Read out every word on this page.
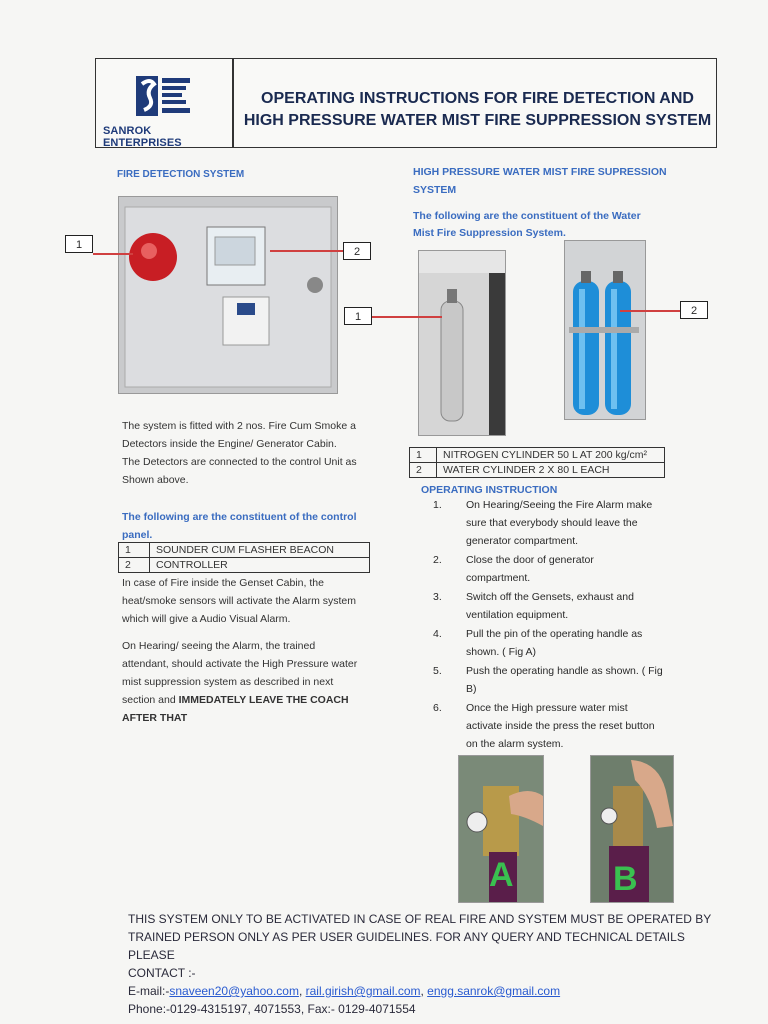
SANROK ENTERPRISES
OPERATING INSTRUCTIONS FOR FIRE DETECTION AND
HIGH PRESSURE WATER MIST FIRE SUPPRESSION SYSTEM
FIRE DETECTION SYSTEM
1
2
The system is fitted with 2 nos. Fire Cum Smoke a
Detectors inside the Engine/ Generator Cabin.
The Detectors are connected to the control Unit as
Shown above.
The following are the constituent of the control
panel.
1	SOUNDER CUM FLASHER BEACON
2	CONTROLLER
In case of Fire inside the Genset Cabin, the
heat/smoke sensors will activate the Alarm system
which will give a Audio Visual Alarm.
On Hearing/ seeing the Alarm, the trained
attendant, should activate the High Pressure water
mist suppression system as described in next
section and IMMEDATELY LEAVE THE COACH
AFTER THAT
HIGH PRESSURE WATER MIST FIRE SUPRESSION
SYSTEM
The following are the constituent of the Water
Mist Fire Suppression System.
1	2
1	NITROGEN CYLINDER 50 L AT 200 kg/cm²
2	WATER CYLINDER 2 X 80 L EACH
OPERATING INSTRUCTION
1. On Hearing/Seeing the Fire Alarm make
sure that everybody should leave the
generator compartment.
2. Close the door of generator
compartment.
3. Switch off the Gensets, exhaust and
ventilation equipment.
4. Pull the pin of the operating handle as
shown. ( Fig A)
5. Push the operating handle as shown. ( Fig
B)
6. Once the High pressure water mist
activate inside the press the reset button
on the alarm system.
A	B
THIS SYSTEM ONLY TO BE ACTIVATED IN CASE OF REAL FIRE AND SYSTEM MUST BE OPERATED BY
TRAINED PERSON ONLY AS PER USER GUIDELINES. FOR ANY QUERY AND TECHNICAL DETAILS PLEASE
CONTACT :-
E-mail:-snaveen20@yahoo.com, rail.girish@gmail.com, engg.sanrok@gmail.com
Phone:-0129-4315197, 4071553, Fax:- 0129-4071554
